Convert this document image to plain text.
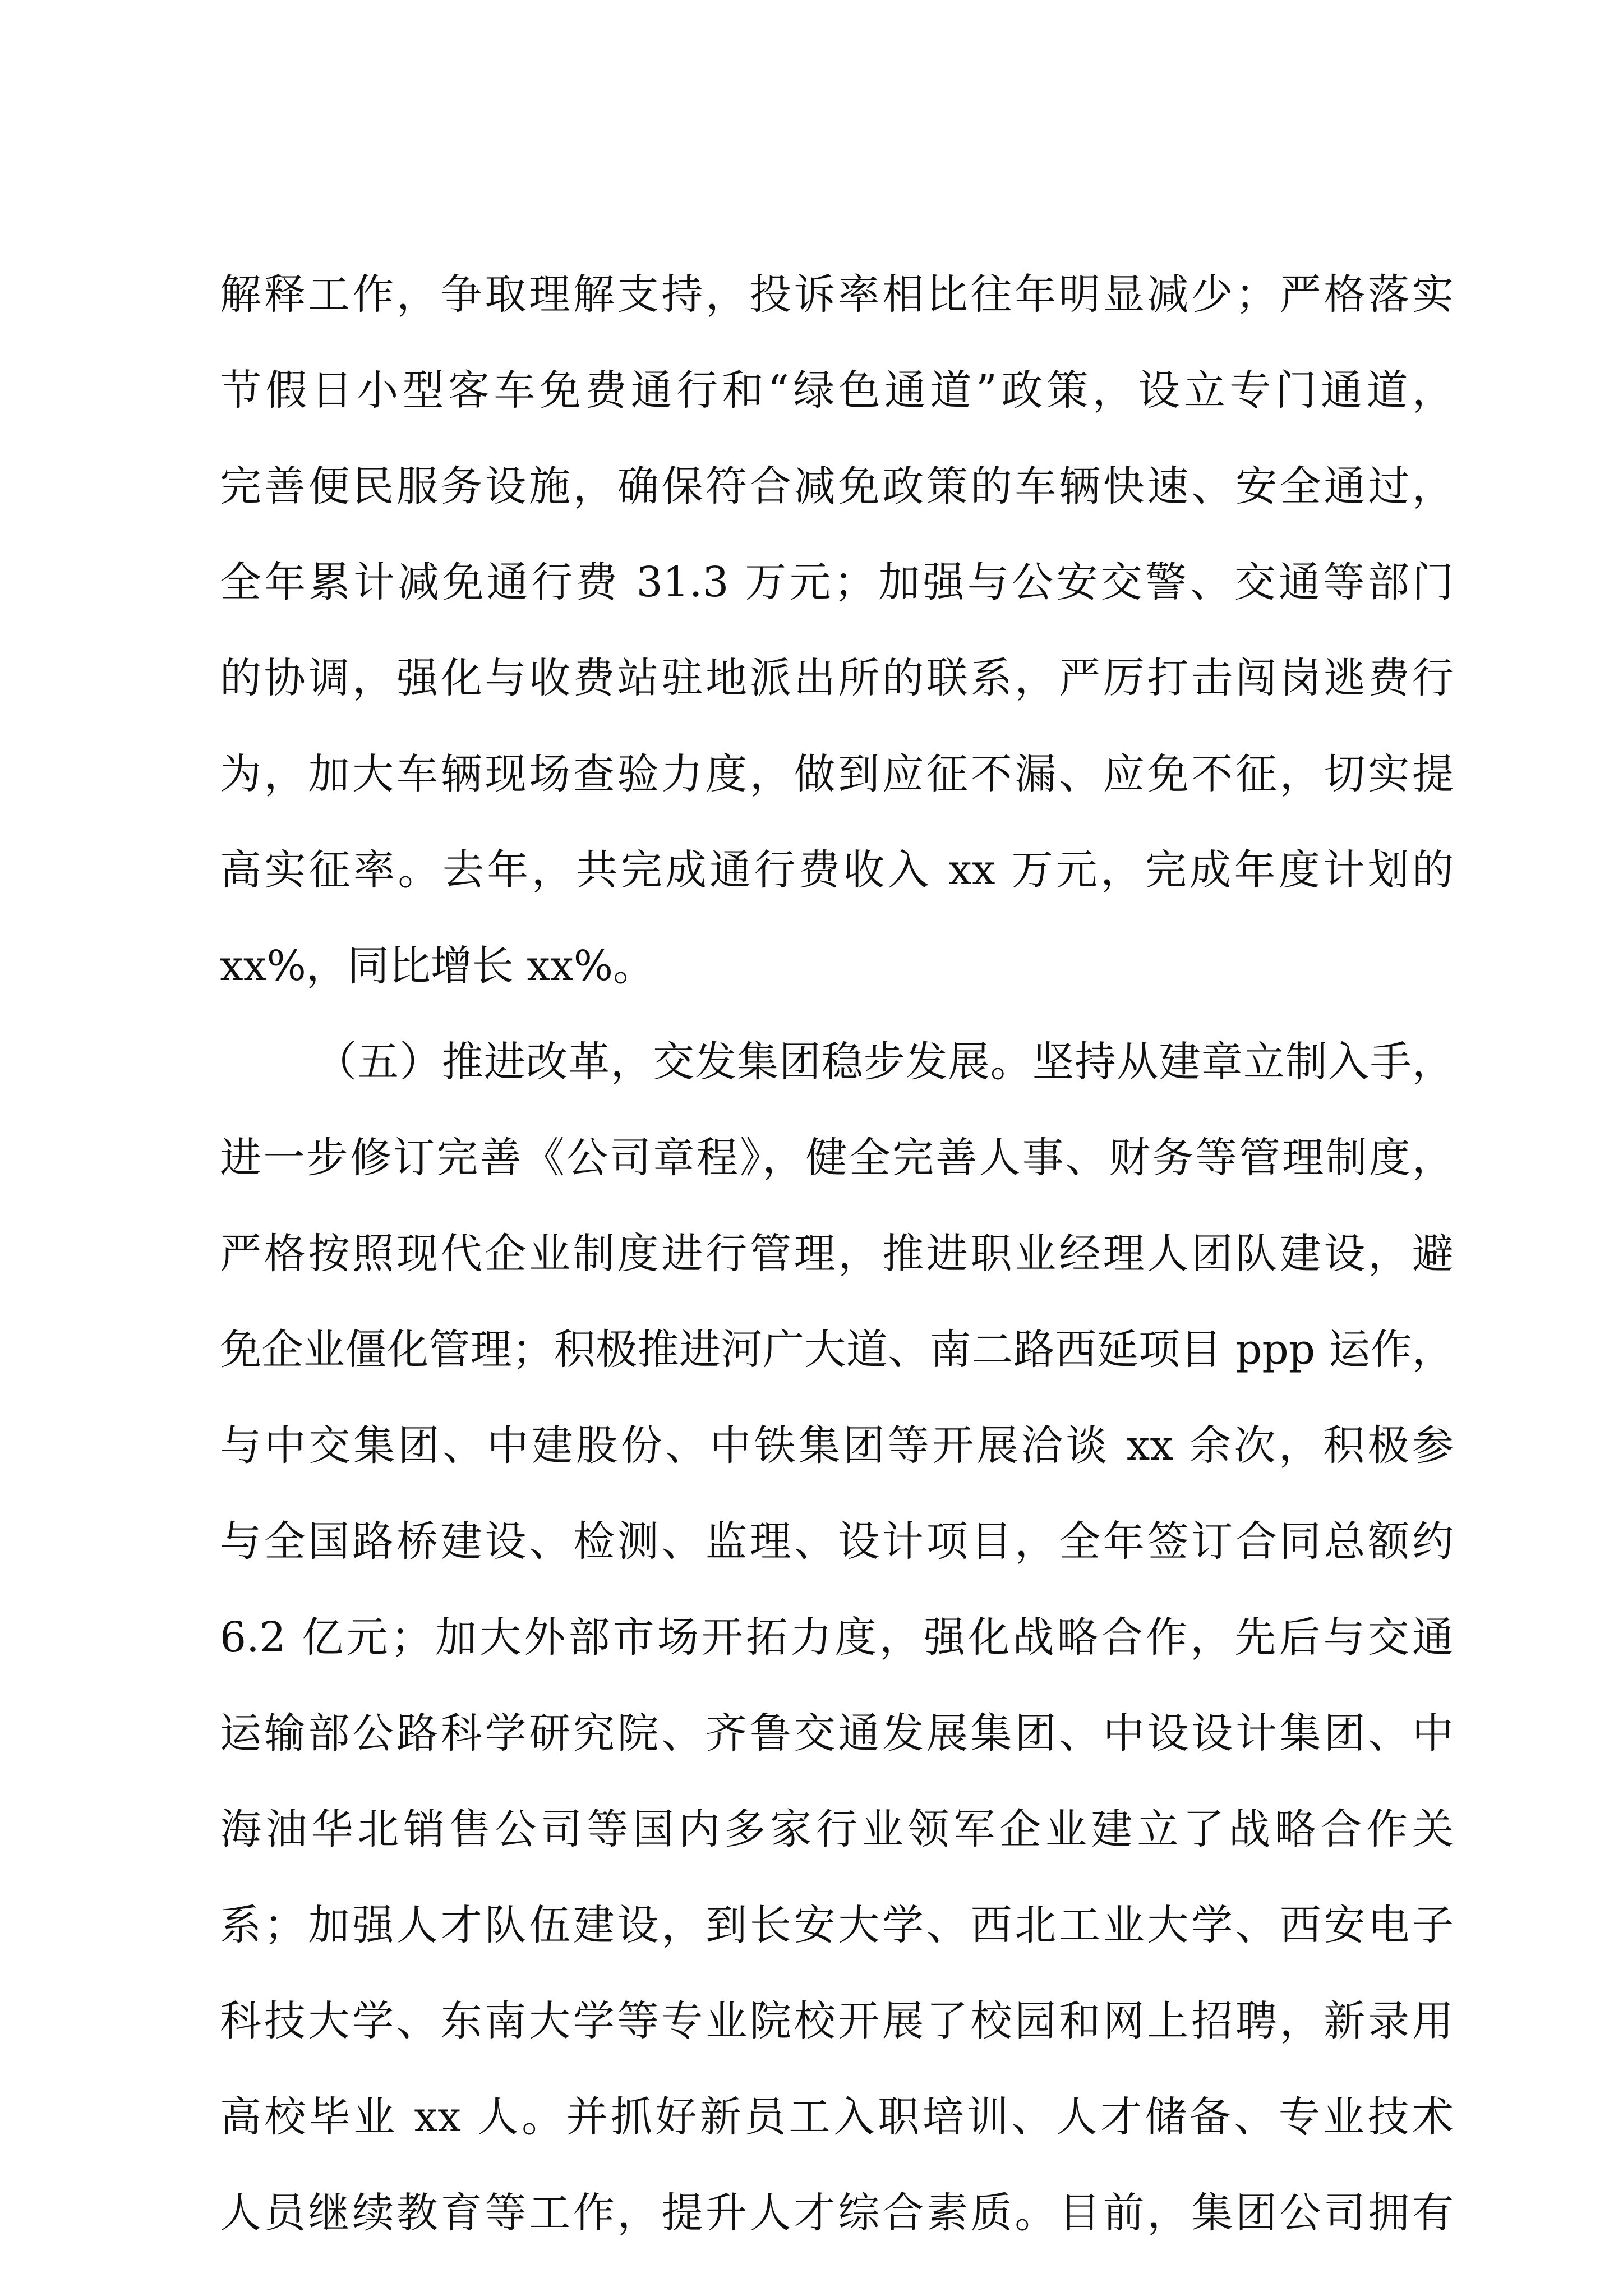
解释工作，争取理解支持，投诉率相比往年明显减少；严格落实
节假日小型客车免费通行和“绿色通道”政策，设立专门通道，
完善便民服务设施，确保符合减免政策的车辆快速、安全通过，
全年累计减免通行费 31.3 万元；加强与公安交警、交通等部门
的协调，强化与收费站驻地派出所的联系，严厉打击闯岗逃费行
为，加大车辆现场查验力度，做到应征不漏、应免不征，切实提
高实征率。去年，共完成通行费收入 xx 万元，完成年度计划的
xx%，同比增长 xx%。
（五）推进改革，交发集团稳步发展。坚持从建章立制入手，
进一步修订完善《公司章程》，健全完善人事、财务等管理制度，
严格按照现代企业制度进行管理，推进职业经理人团队建设，避
免企业僵化管理；积极推进河广大道、南二路西延项目 ppp 运作，
与中交集团、中建股份、中铁集团等开展洽谈 xx 余次，积极参
与全国路桥建设、检测、监理、设计项目，全年签订合同总额约
6.2 亿元；加大外部市场开拓力度，强化战略合作，先后与交通
运输部公路科学研究院、齐鲁交通发展集团、中设设计集团、中
海油华北销售公司等国内多家行业领军企业建立了战略合作关
系；加强人才队伍建设，到长安大学、西北工业大学、西安电子
科技大学、东南大学等专业院校开展了校园和网上招聘，新录用
高校毕业 xx 人。并抓好新员工入职培训、人才储备、专业技术
人员继续教育等工作，提升人才综合素质。目前，集团公司拥有
